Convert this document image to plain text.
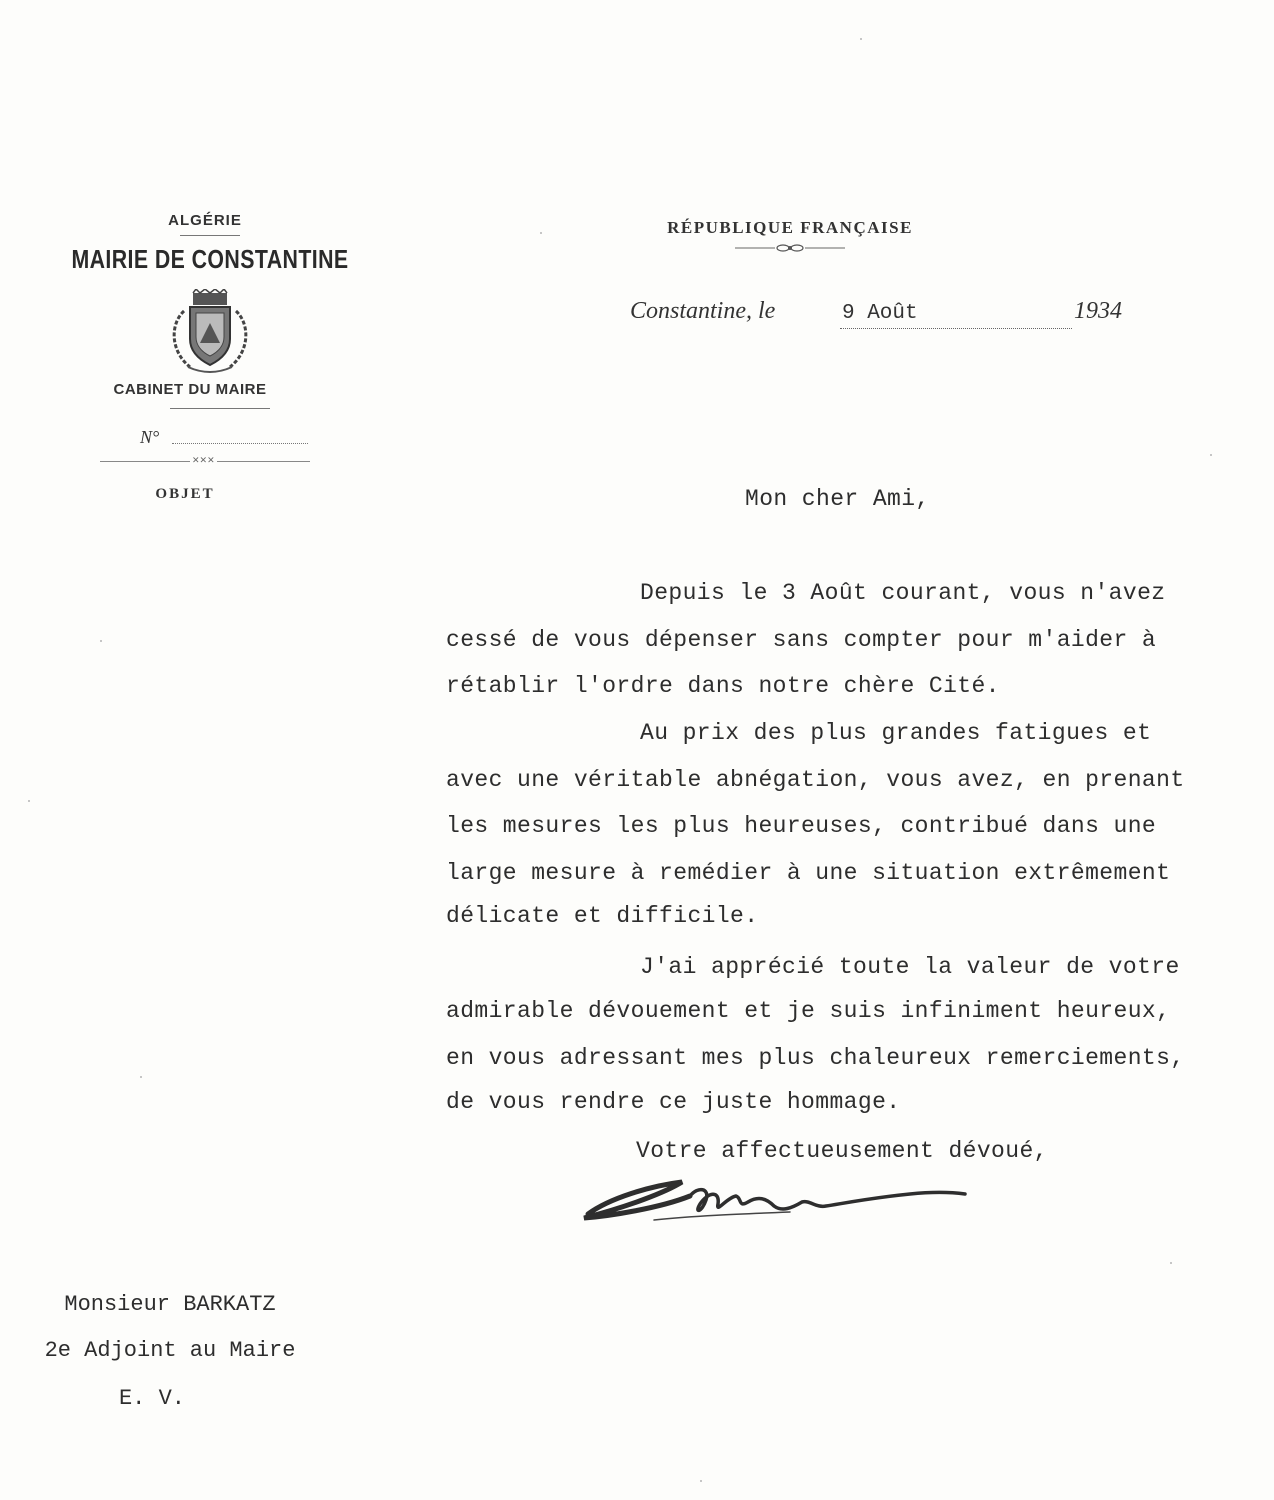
ALGÉRIE
MAIRIE DE CONSTANTINE
CABINET DU MAIRE
N°
✕✕✕
OBJET
RÉPUBLIQUE FRANÇAISE
Constantine, le	9 Août	1934
Mon cher Ami,
Depuis le 3 Août courant, vous n'avez
cessé de vous dépenser sans compter pour m'aider à
rétablir l'ordre dans notre chère Cité.
Au prix des plus grandes fatigues et
avec une véritable abnégation, vous avez, en prenant
les mesures les plus heureuses, contribué dans une
large mesure à remédier à une situation extrêmement
délicate et difficile.
J'ai apprécié toute la valeur de votre
admirable dévouement et je suis infiniment heureux,
en vous adressant mes plus chaleureux remerciements,
de vous rendre ce juste hommage.
Votre affectueusement dévoué,
Monsieur BARKATZ
2e Adjoint au Maire
E. V.
